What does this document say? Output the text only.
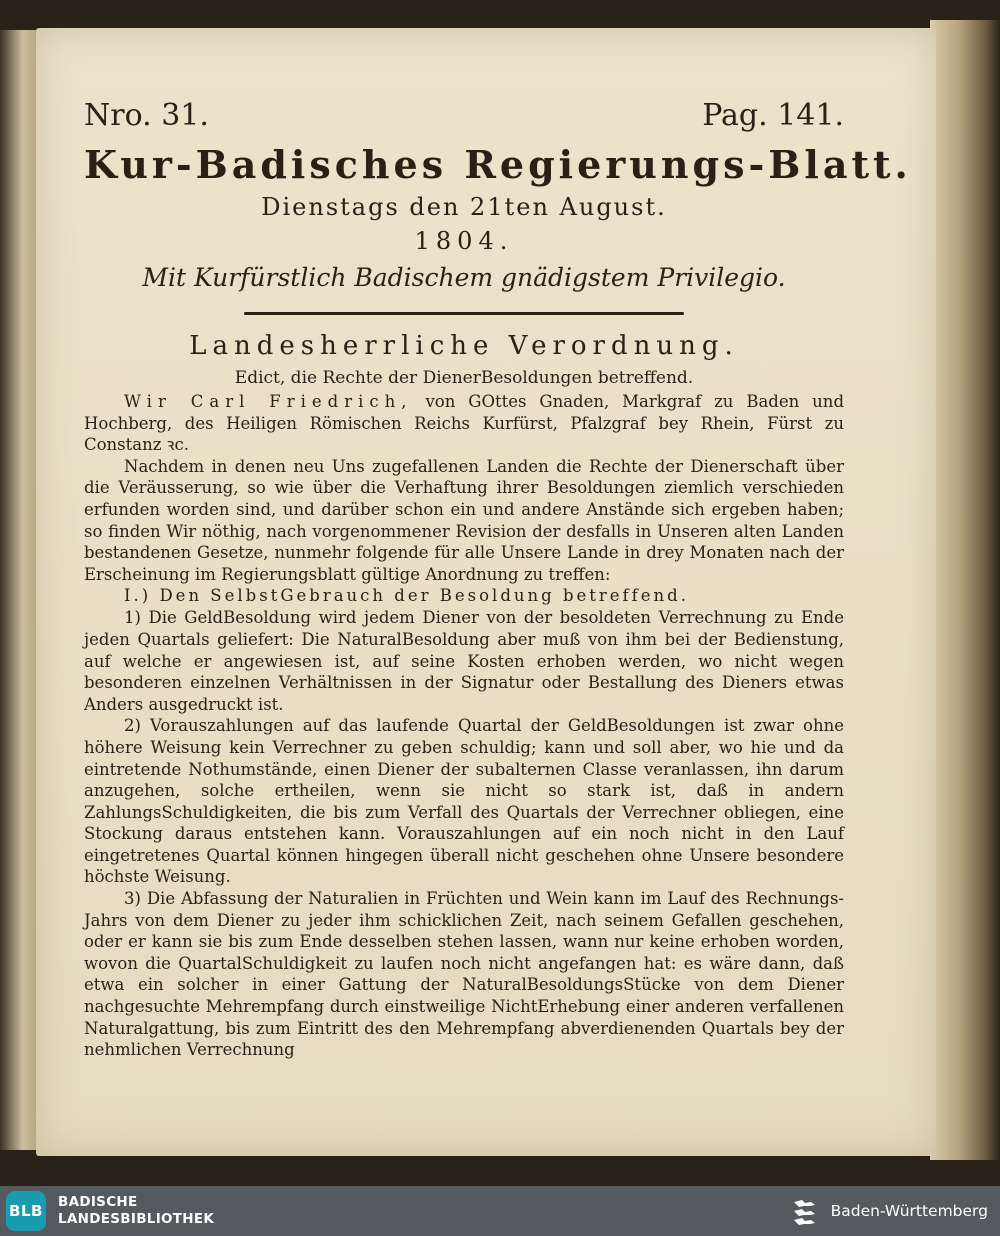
Nro. 31.	Pag. 141.
Kur-Badisches Regierungs-Blatt.
Dienstags den 21ten August.
1804.
Mit Kurfürstlich Badischem gnädigstem Privilegio.
Landesherrliche Verordnung.
Edict, die Rechte der DienerBesoldungen betreffend.

Wir Carl Friedrich, von GOttes Gnaden, Markgraf zu Baden und Hochberg, des Heiligen Römischen Reichs Kurfürst, Pfalzgraf bey Rhein, Fürst zu Constanz ꝛc.

Nachdem in denen neu Uns zugefallenen Landen die Rechte der Dienerschaft über die Veräusserung, so wie über die Verhaftung ihrer Besoldungen ziemlich verschieden erfunden worden sind, und darüber schon ein und andere Anstände sich ergeben haben; so finden Wir nöthig, nach vorgenommener Revision der desfalls in Unseren alten Landen bestandenen Gesetze, nunmehr folgende für alle Unsere Lande in drey Monaten nach der Erscheinung im Regierungsblatt gültige Anordnung zu treffen:

I.) Den SelbstGebrauch der Besoldung betreffend.

1) Die GeldBesoldung wird jedem Diener von der besoldeten Verrechnung zu Ende jeden Quartals geliefert: Die NaturalBesoldung aber muß von ihm bei der Bedienstung, auf welche er angewiesen ist, auf seine Kosten erhoben werden, wo nicht wegen besonderen einzelnen Verhältnissen in der Signatur oder Bestallung des Dieners etwas Anders ausgedruckt ist.

2) Vorauszahlungen auf das laufende Quartal der GeldBesoldungen ist zwar ohne höhere Weisung kein Verrechner zu geben schuldig; kann und soll aber, wo hie und da eintretende Nothumstände, einen Diener der subalternen Classe veranlassen, ihn darum anzugehen, solche ertheilen, wenn sie nicht so stark ist, daß in andern ZahlungsSchuldigkeiten, die bis zum Verfall des Quartals der Verrechner obliegen, eine Stockung daraus entstehen kann. Vorauszahlungen auf ein noch nicht in den Lauf eingetretenes Quartal können hingegen überall nicht geschehen ohne Unsere besondere höchste Weisung.

3) Die Abfassung der Naturalien in Früchten und Wein kann im Lauf des Rechnungs-Jahrs von dem Diener zu jeder ihm schicklichen Zeit, nach seinem Gefallen geschehen, oder er kann sie bis zum Ende desselben stehen lassen, wann nur keine erhoben worden, wovon die QuartalSchuldigkeit zu laufen noch nicht angefangen hat: es wäre dann, daß etwa ein solcher in einer Gattung der NaturalBesoldungsStücke von dem Diener nachgesuchte Mehrempfang durch einstweilige NichtErhebung einer anderen verfallenen Naturalgattung, bis zum Eintritt des den Mehrempfang abverdienenden Quartals bey der nehmlichen Verrechnung

BLB BADISCHE
LANDESBIBLIOTHEK	Baden-Württemberg
